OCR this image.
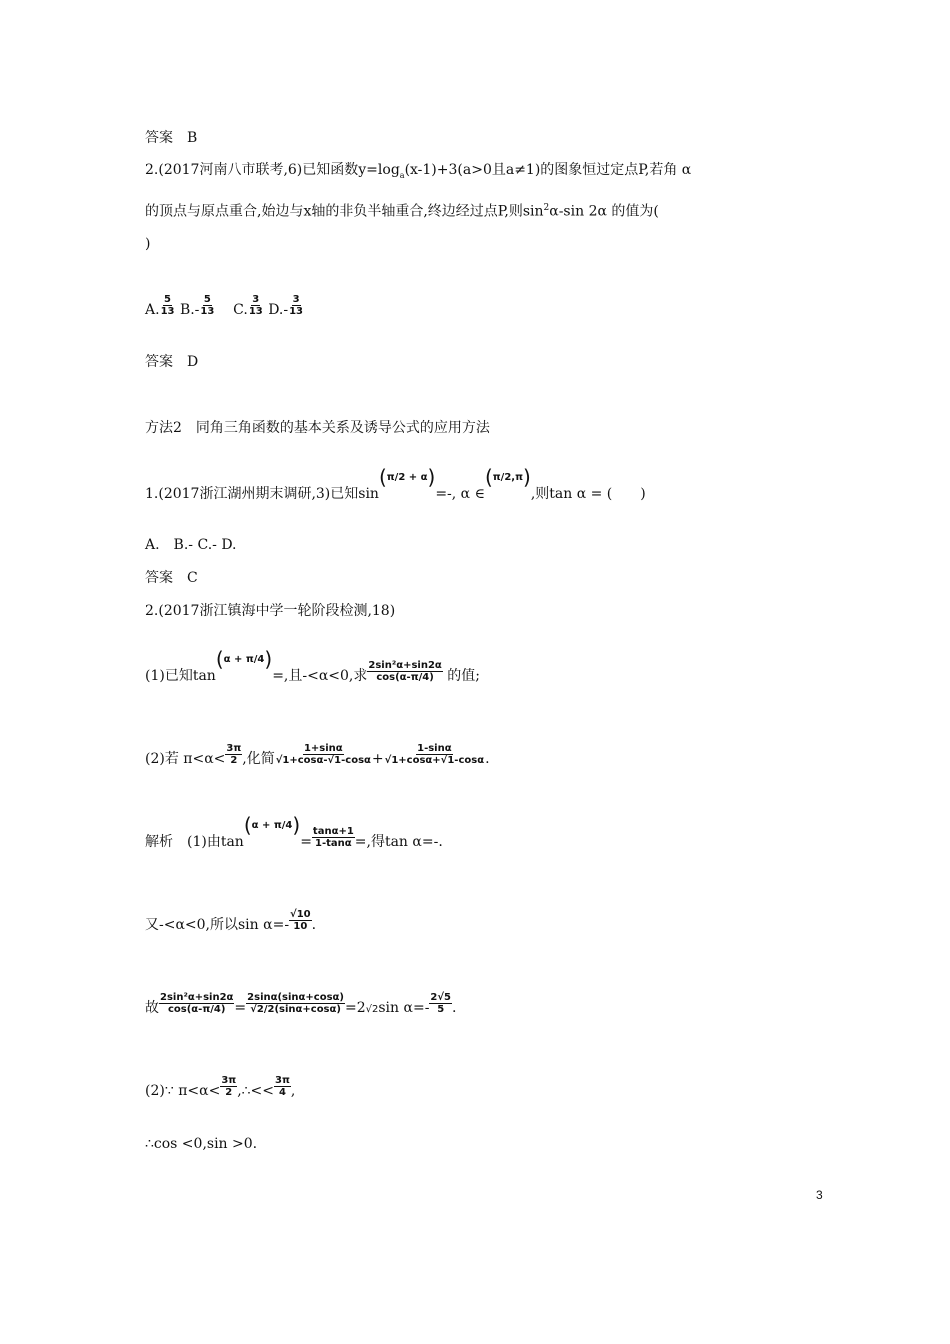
答案　B
2.(2017河南八市联考,6)已知函数$y=\log_a(x-1)+3(a>0$且a≠1)的图象恒过定点P,若角 α
的顶点与原点重合,始边与x轴的非负半轴重合,终边经过点P,则$\sin^2\alpha-\sin$ 2α 的值为(
)
A. $\frac{5}{13} B.- \frac{5}{13} C$. $\frac{3}{13} D.- \frac{3}{13}$
答案　D
方法2　同角三角函数的基本关系及诱导公式的应用方法
1.(2017浙江湖州期末调研,3)已知sin(π/2 + α)=-, α ∈(π/2,π),则tan α = (　　)
A.　B.- C.- D.
答案　C
2.(2017浙江镇海中学一轮阶段检测,18)
(1)已知tan(α + π/4)=,且-<α<0,求 $\frac{\text{2sin²α+sin2α}}{\cos(\alpha-\pi/4)}$ 的值;
(2)若 $\pi<\alpha< \frac{3\pi}{2}$ ,化简 $\frac{1+\sin\alpha}{√1+\cos\alpha-√1-\cos\alpha} + \frac{1-\sin\alpha}{√1+\cos\alpha+√1-\cos\alpha}$ .
解析　(1)由$\tan(\alpha + \pi/4)= \frac{\tan\alpha+1}{1-\tan\alpha}$ =,得tan α=-.
又-<α<0,所以$\sin \alpha=- \frac{√10}{10}$ .
故 $\frac{\text{2sin²α+sin2α}}{\cos(\alpha-\pi/4)} = \frac{2\sin\alpha(\sin\alpha+\cos\alpha)}{√2/2(\sin\alpha+\cos\alpha)} =2√2\sin$ $\alpha=- \frac{2√5}{5}$ .
(2)∵ $\pi<\alpha< \frac{3\pi}{2}$ ,∴<< $\frac{3\pi}{4}$ ,
∴cos <0,sin >0.
3
